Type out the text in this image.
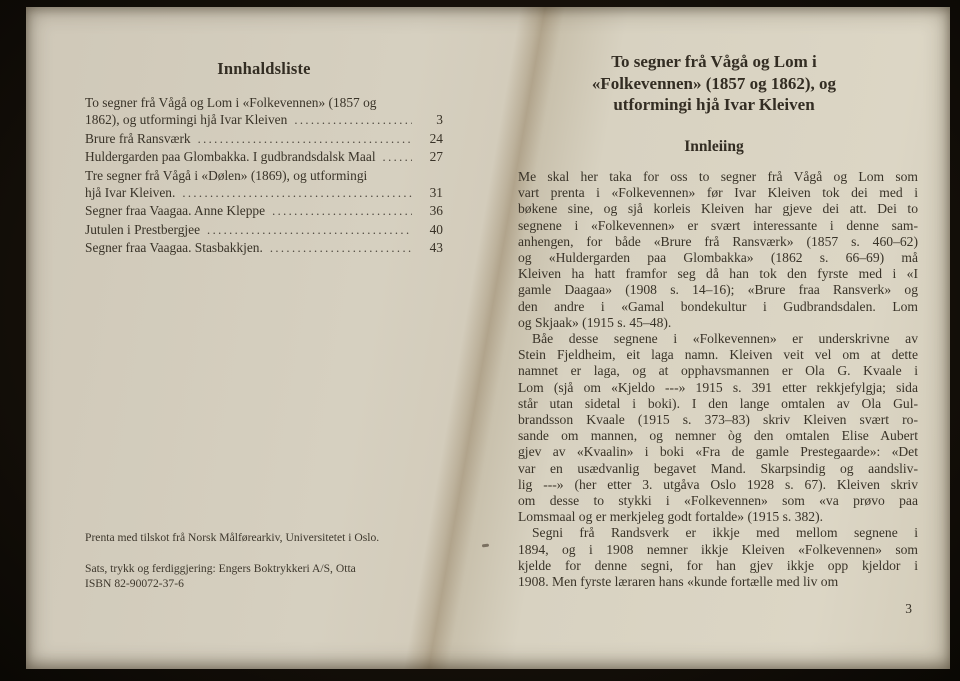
Innhaldsliste
To segner frå Vågå og Lom i «Folkevennen» (1857 og
1862), og utformingi hjå Ivar Kleiven .....	3
Brure frå Ransværk .....	24
Huldergarden paa Glombakka. I gudbrandsdalsk Maal .....	27
Tre segner frå Vågå i «Dølen» (1869), og utformingi
hjå Ivar Kleiven. .....	31
Segner fraa Vaagaa. Anne Kleppe .....	36
Jutulen i Prestbergjee .....	40
Segner fraa Vaagaa. Stasbakkjen. .....	43

Prenta med tilskot frå Norsk Målførearkiv, Universitetet i Oslo.

Sats, trykk og ferdiggjering: Engers Boktrykkeri A/S, Otta

ISBN 82-90072-37-6

To segner frå Vågå og Lom i
«Folkevennen» (1857 og 1862), og
utformingi hjå Ivar Kleiven
Innleiing
Me skal her taka for oss to segner frå Vågå og Lom som
vart prenta i «Folkevennen» før Ivar Kleiven tok dei med i
bøkene sine, og sjå korleis Kleiven har gjeve dei att. Dei to
segnene i «Folkevennen» er svært interessante i denne sam-
anhengen, for både «Brure frå Ransværk» (1857 s. 460–62)
og «Huldergarden paa Glombakka» (1862 s. 66–69) må
Kleiven ha hatt framfor seg då han tok den fyrste med i «I
gamle Daagaa» (1908 s. 14–16); «Brure fraa Ransverk» og
den andre i «Gamal bondekultur i Gudbrandsdalen. Lom
og Skjaak» (1915 s. 45–48).
Båe desse segnene i «Folkevennen» er underskrivne av
Stein Fjeldheim, eit laga namn. Kleiven veit vel om at dette
namnet er laga, og at opphavsmannen er Ola G. Kvaale i
Lom (sjå om «Kjeldo ---» 1915 s. 391 etter rekkjefylgja; sida
står utan sidetal i boki). I den lange omtalen av Ola Gul-
brandsson Kvaale (1915 s. 373–83) skriv Kleiven svært ro-
sande om mannen, og nemner òg den omtalen Elise Aubert
gjev av «Kvaalin» i boki «Fra de gamle Prestegaarde»: «Det
var en usædvanlig begavet Mand. Skarpsindig og aandsliv-
lig ---» (her etter 3. utgåva Oslo 1928 s. 67). Kleiven skriv
om desse to stykki i «Folkevennen» som «va prøvo paa
Lomsmaal og er merkjeleg godt fortalde» (1915 s. 382).
Segni frå Randsverk er ikkje med mellom segnene i
1894, og i 1908 nemner ikkje Kleiven «Folkevennen» som
kjelde for denne segni, for han gjev ikkje opp kjeldor i
1908. Men fyrste læraren hans «kunde fortælle med liv om
3
